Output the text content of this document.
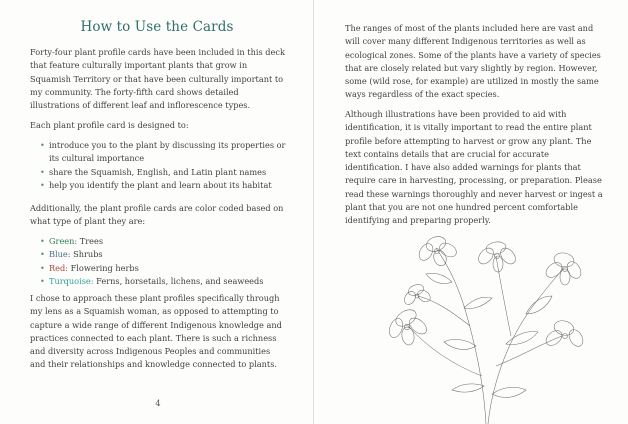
How to Use the Cards

Forty-four plant profile cards have been included in this deck that feature culturally important plants that grow in Squamish Territory or that have been culturally important to my community. The forty-fifth card shows detailed illustrations of different leaf and inflorescence types.

Each plant profile card is designed to:

• introduce you to the plant by discussing its properties or its cultural importance
• share the Squamish, English, and Latin plant names
• help you identify the plant and learn about its habitat

Additionally, the plant profile cards are color coded based on what type of plant they are:

• Green: Trees
• Blue: Shrubs
• Red: Flowering herbs
• Turquoise: Ferns, horsetails, lichens, and seaweeds

I chose to approach these plant profiles specifically through my lens as a Squamish woman, as opposed to attempting to capture a wide range of different Indigenous knowledge and practices connected to each plant. There is such a richness and diversity across Indigenous Peoples and communities and their relationships and knowledge connected to plants.

4

The ranges of most of the plants included here are vast and will cover many different Indigenous territories as well as ecological zones. Some of the plants have a variety of species that are closely related but vary slightly by region. However, some (wild rose, for example) are utilized in mostly the same ways regardless of the exact species.

Although illustrations have been provided to aid with identification, it is vitally important to read the entire plant profile before attempting to harvest or grow any plant. The text contains details that are crucial for accurate identification. I have also added warnings for plants that require care in harvesting, processing, or preparation. Please read these warnings thoroughly and never harvest or ingest a plant that you are not one hundred percent comfortable identifying and preparing properly.
